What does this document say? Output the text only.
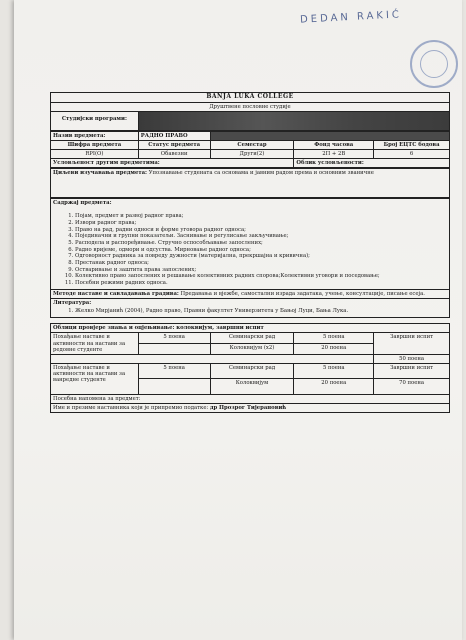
DEDAN RAKIĆ
BANJA LUKA COLLEGE
Друштвене пословне студије
Студијски програми:	
Назив предмета:	РАДНО ПРАВО			
Шифра предмета	Статус предмета	Семестар	Фонд часова	Број ЕЦТС бодова
RPI(O)	Обавезни	Други(2)	2П + 2В	6
Условљеност другим предметима:			Облик условљености:	
Циљеви изучавања предмета: Упознавање студената са основама и јавним радом према и основним званичне
Садржај предмета:
1. Појам, предмет и развој радног права;
2. Извори радног права;
3. Право на рад, радни односи и форме уговора радног односа;
4. Појединачни и групни показатељи. Заснивање и регулисање закључивање;
5. Расподела и распоређивање. Стручно оспособљавање запослених;
6. Радно вријеме, одмори и одсуства. Мирновање радног односа;
7. Одговорност радника за повреду дужности (материјална, прекршајна и кривична);
8. Престанак радног односа;
9. Остваривање и заштита права запослених;
10. Колективно право запослених и решавање колективних радних спорова;Колективни уговори и поседовање;
11. Посебни режими радних односа.

Методе наставе и савладавања градива: Предавања и вјежбе, самостални израда задатака, учење, консултације, писање есеја.

Литература:
1. Желко Мирјанић (2004), Радно право, Правни факултет Универзитета у Бањој Луци, Бања Лука.
Облици провјере знања и оцјењивање: колоквијум, завршни испит				
Похађање наставе и активности на настави за редовне студенте	5 поена	Семинарски рад	5 поена	Завршни испит
		Колоквијум (x2)	20 поена	
				50 поена
Похађање наставе и активности на настави за ванредне студенте	5 поена	Семинарски рад	5 поена	Завршни испит
		Колоквијум	20 поена	70 поена
Посебна напомена за предмет:				
Име и презиме наставника који је припремио податке: др Прозрог Тијерановић				
